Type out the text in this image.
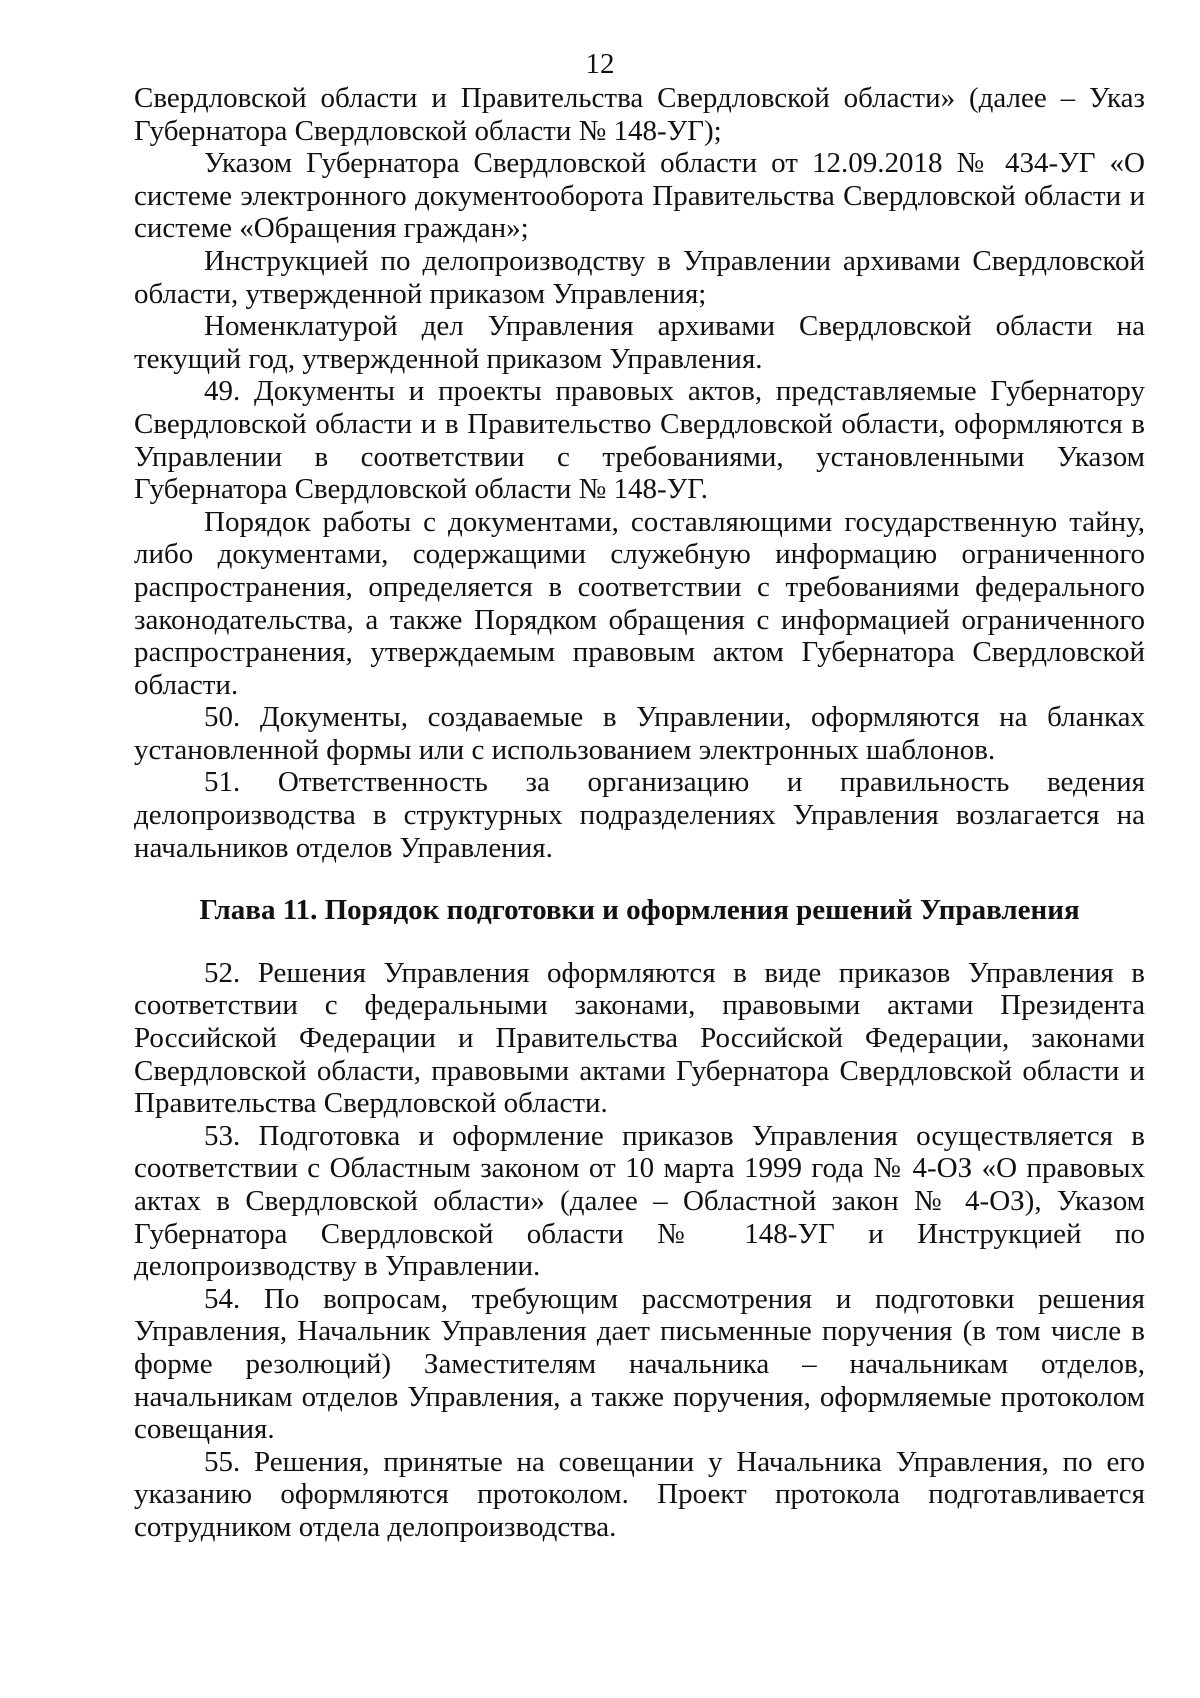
12

Свердловской области и Правительства Свердловской области» (далее – Указ Губернатора Свердловской области № 148-УГ);

Указом Губернатора Свердловской области от 12.09.2018 № 434-УГ «О системе электронного документооборота Правительства Свердловской области и системе «Обращения граждан»;

Инструкцией по делопроизводству в Управлении архивами Свердловской области, утвержденной приказом Управления;

Номенклатурой дел Управления архивами Свердловской области на текущий год, утвержденной приказом Управления.

49. Документы и проекты правовых актов, представляемые Губернатору Свердловской области и в Правительство Свердловской области, оформляются в Управлении в соответствии с требованиями, установленными Указом Губернатора Свердловской области № 148-УГ.

Порядок работы с документами, составляющими государственную тайну, либо документами, содержащими служебную информацию ограниченного распространения, определяется в соответствии с требованиями федерального законодательства, а также Порядком обращения с информацией ограниченного распространения, утверждаемым правовым актом Губернатора Свердловской области.

50. Документы, создаваемые в Управлении, оформляются на бланках установленной формы или с использованием электронных шаблонов.

51. Ответственность за организацию и правильность ведения делопроизводства в структурных подразделениях Управления возлагается на начальников отделов Управления.

Глава 11. Порядок подготовки и оформления решений Управления

52. Решения Управления оформляются в виде приказов Управления в соответствии с федеральными законами, правовыми актами Президента Российской Федерации и Правительства Российской Федерации, законами Свердловской области, правовыми актами Губернатора Свердловской области и Правительства Свердловской области.

53. Подготовка и оформление приказов Управления осуществляется в соответствии с Областным законом от 10 марта 1999 года № 4-ОЗ «О правовых актах в Свердловской области» (далее – Областной закон № 4-ОЗ), Указом Губернатора Свердловской области № 148-УГ и Инструкцией по делопроизводству в Управлении.

54. По вопросам, требующим рассмотрения и подготовки решения Управления, Начальник Управления дает письменные поручения (в том числе в форме резолюций) Заместителям начальника – начальникам отделов, начальникам отделов Управления, а также поручения, оформляемые протоколом совещания.

55. Решения, принятые на совещании у Начальника Управления, по его указанию оформляются протоколом. Проект протокола подготавливается сотрудником отдела делопроизводства.
